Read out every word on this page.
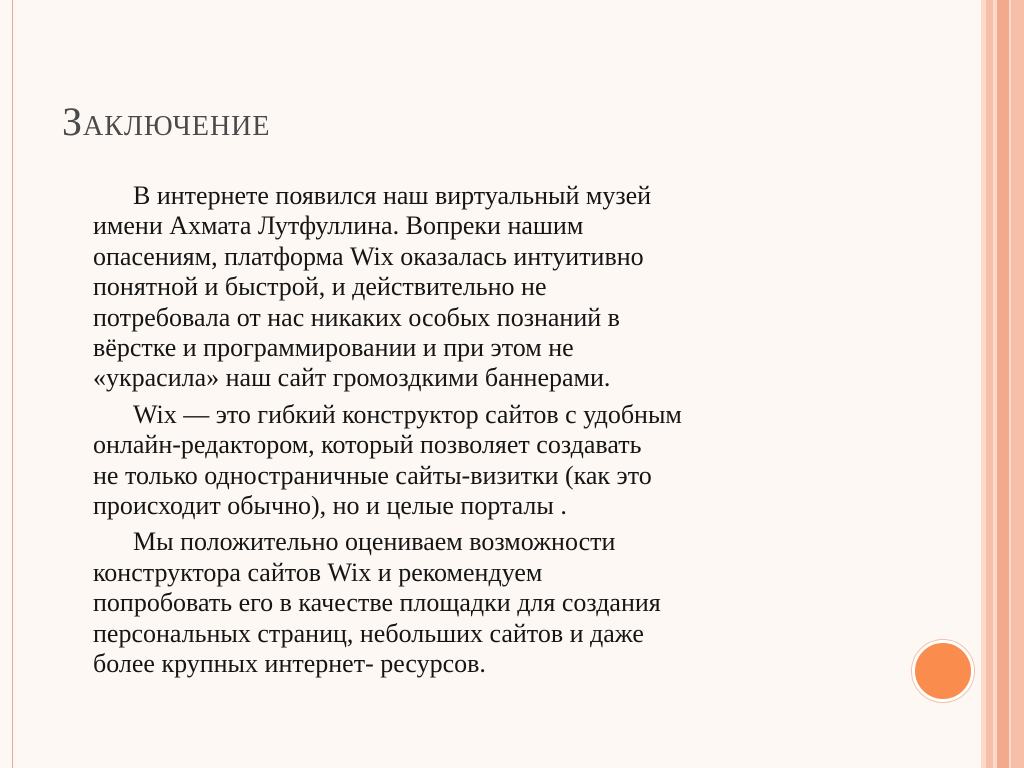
Заключение

В интернете появился наш виртуальный музей
имени Ахмата Лутфуллина. Вопреки нашим
опасениям, платформа Wix оказалась интуитивно
понятной и быстрой, и действительно не
потребовала от нас никаких особых познаний в
вёрстке и программировании и при этом не
«украсила» наш сайт громоздкими баннерами.

Wix — это гибкий конструктор сайтов с удобным
онлайн-редактором, который позволяет создавать
не только одностраничные сайты-визитки (как это
происходит обычно), но и целые порталы .

Мы положительно оцениваем возможности
конструктора сайтов Wix и рекомендуем
попробовать его в качестве площадки для создания
персональных страниц, небольших сайтов и даже
более крупных интернет- ресурсов.
